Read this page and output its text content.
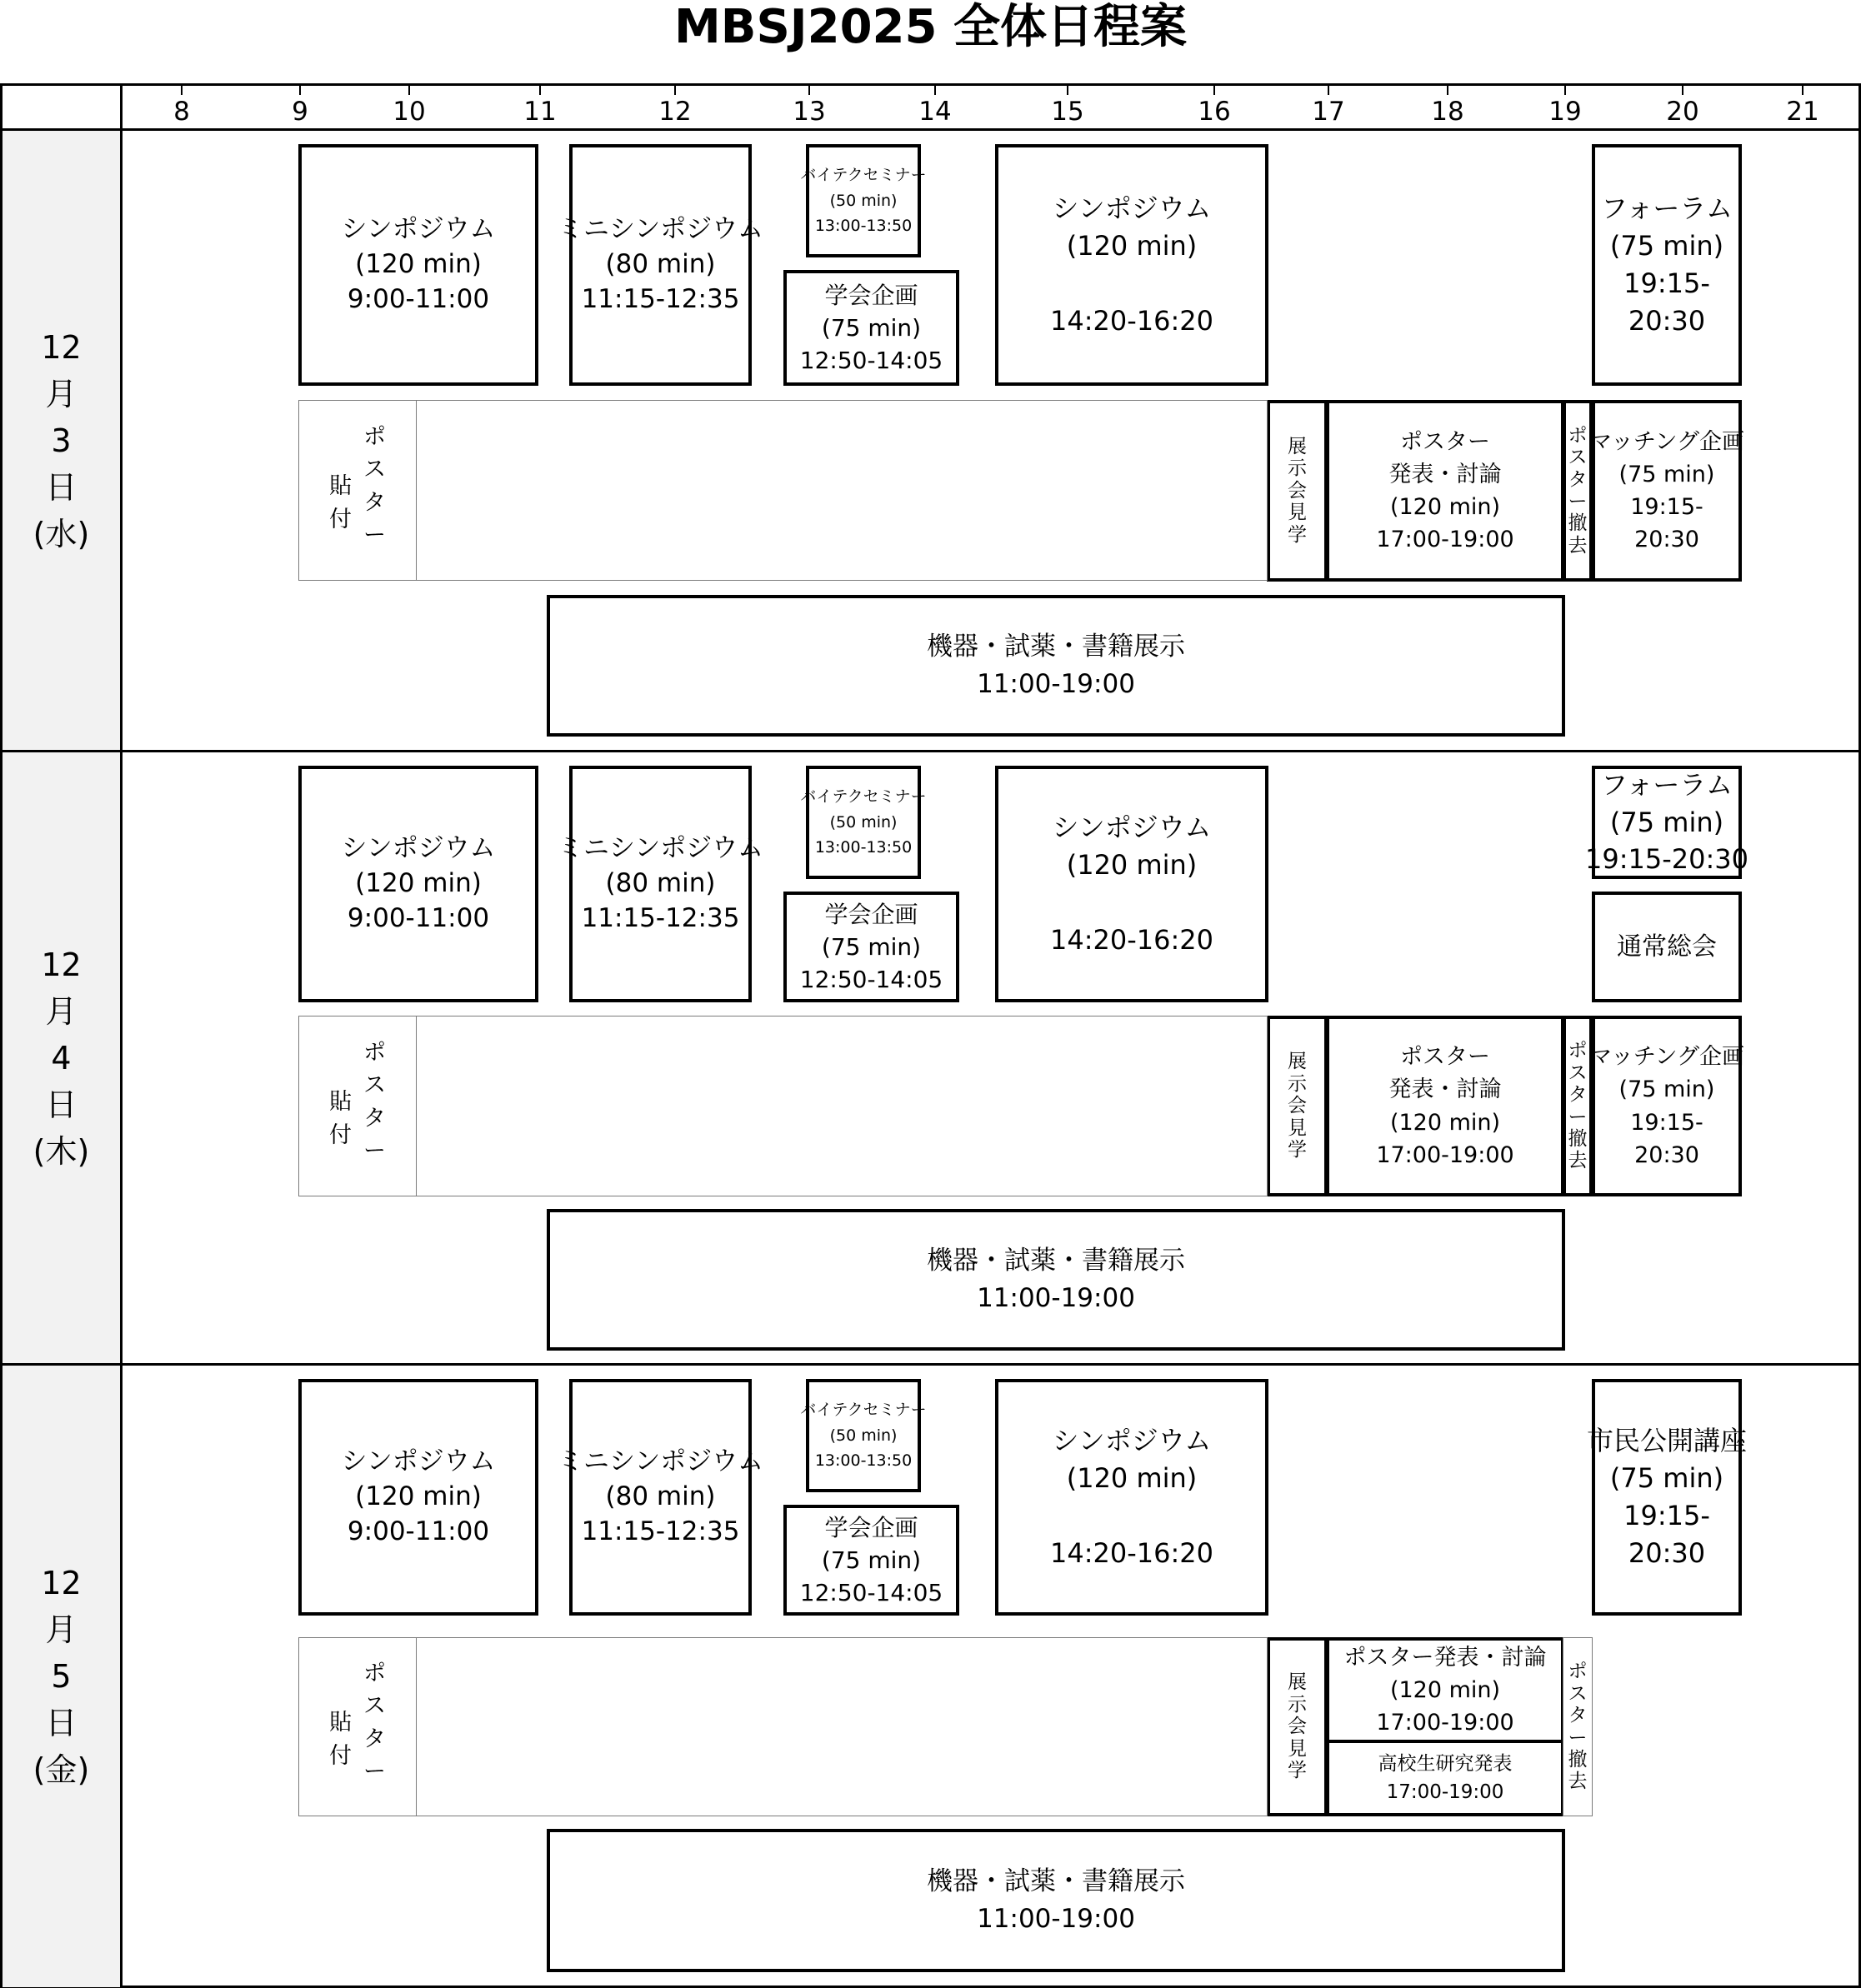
MBSJ2025 全体日程案
8	9	10	11	12	13	14	15	16	17	18	19	20	21
12
月
3
日
(水)
シンポジウム
(120 min)
9:00-11:00
ミニシンポジウム
(80 min)
11:15-12:35
バイテクセミナー
(50 min)
13:00-13:50
学会企画
(75 min)
12:50-14:05
シンポジウム
(120 min)

14:20-16:20
フォーラム
(75 min)
19:15-
20:30
展
示
会
見
学
ポスター
発表・討論
(120 min)
17:00-19:00
ポ
ス
タ
ー
撤
去
マッチング企画
(75 min)
19:15-
20:30
機器・試薬・書籍展示
11:00-19:00
貼
付
ポ
ス
タ
ー
12
月
4
日
(木)
シンポジウム
(120 min)
9:00-11:00
ミニシンポジウム
(80 min)
11:15-12:35
バイテクセミナー
(50 min)
13:00-13:50
学会企画
(75 min)
12:50-14:05
シンポジウム
(120 min)

14:20-16:20
フォーラム
(75 min)
19:15-20:30
通常総会
展
示
会
見
学
ポスター
発表・討論
(120 min)
17:00-19:00
ポ
ス
タ
ー
撤
去
マッチング企画
(75 min)
19:15-
20:30
機器・試薬・書籍展示
11:00-19:00
貼
付
ポ
ス
タ
ー
12
月
5
日
(金)
シンポジウム
(120 min)
9:00-11:00
ミニシンポジウム
(80 min)
11:15-12:35
バイテクセミナー
(50 min)
13:00-13:50
学会企画
(75 min)
12:50-14:05
シンポジウム
(120 min)

14:20-16:20
市民公開講座
(75 min)
19:15-
20:30
展
示
会
見
学
ポスター発表・討論
(120 min)
17:00-19:00
高校生研究発表
17:00-19:00
ポ
ス
タ
ー
撤
去
機器・試薬・書籍展示
11:00-19:00
貼
付
ポ
ス
タ
ー
